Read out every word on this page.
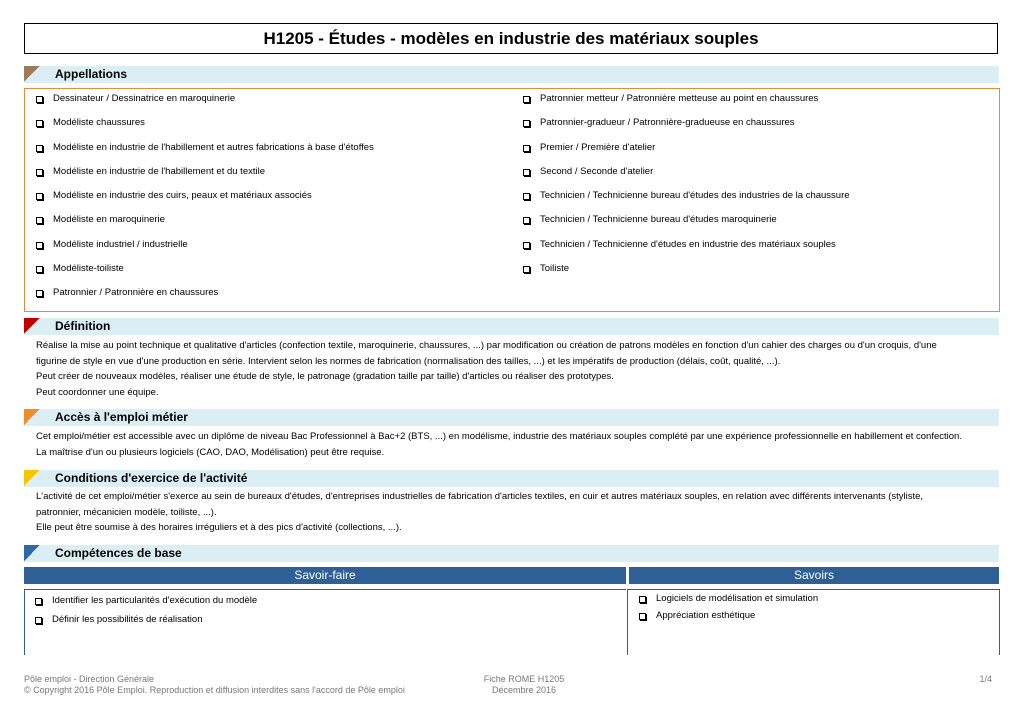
H1205 - Études - modèles en industrie des matériaux souples
Appellations
Dessinateur / Dessinatrice en maroquinerie
Modéliste chaussures
Modéliste en industrie de l'habillement et autres fabrications à base d'étoffes
Modéliste en industrie de l'habillement et du textile
Modéliste en industrie des cuirs, peaux et matériaux associés
Modéliste en maroquinerie
Modéliste industriel / industrielle
Modéliste-toiliste
Patronnier / Patronnière en chaussures
Patronnier metteur / Patronnière metteuse au point en chaussures
Patronnier-gradueur / Patronnière-gradueuse en chaussures
Premier / Première d'atelier
Second / Seconde d'atelier
Technicien / Technicienne bureau d'études des industries de la chaussure
Technicien / Technicienne bureau d'études maroquinerie
Technicien / Technicienne d'études en industrie des matériaux souples
Toiliste
Définition
Réalise la mise au point technique et qualitative d'articles (confection textile, maroquinerie, chaussures, ...) par modification ou création de patrons modèles en fonction d'un cahier des charges ou d'un croquis, d'une
figurine de style en vue d'une production en série. Intervient selon les normes de fabrication (normalisation des tailles, ...) et les impératifs de production (délais, coût, qualité, ...).
Peut créer de nouveaux modèles, réaliser une étude de style, le patronage (gradation taille par taille) d'articles ou réaliser des prototypes.
Peut coordonner une équipe.
Accès à l'emploi métier
Cet emploi/métier est accessible avec un diplôme de niveau Bac Professionnel à Bac+2 (BTS, ...) en modélisme, industrie des matériaux souples complété par une expérience professionnelle en habillement et confection.
La maîtrise d'un ou plusieurs logiciels (CAO, DAO, Modélisation) peut être requise.
Conditions d'exercice de l'activité
L'activité de cet emploi/métier s'exerce au sein de bureaux d'études, d'entreprises industrielles de fabrication d'articles textiles, en cuir et autres matériaux souples, en relation avec différents intervenants (styliste,
patronnier, mécanicien modèle, toiliste, ...).
Elle peut être soumise à des horaires irréguliers et à des pics d'activité (collections, ...).
Compétences de base
Savoir-faire	Savoirs
Identifier les particularités d'exécution du modèle
Définir les possibilités de réalisation
Logiciels de modélisation et simulation
Appréciation esthétique
Pôle emploi - Direction Générale
© Copyright 2016 Pôle Emploi. Reproduction et diffusion interdites sans l'accord de Pôle emploi
Fiche ROME H1205
Décembre 2016
1/4
